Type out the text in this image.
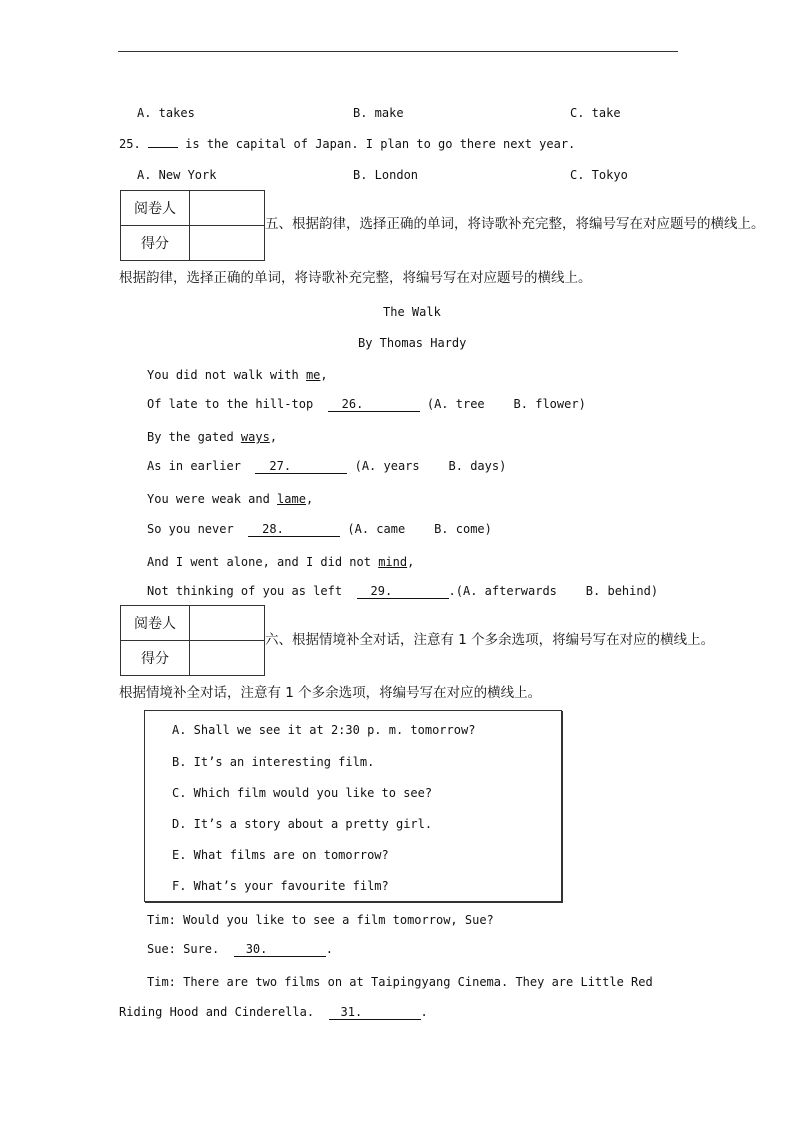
A. takes	B. make	C. take
25.	is the capital of Japan. I plan to go there next year.
A. New York	B. London	C. Tokyo
阅卷人	
得分	
五、根据韵律，选择正确的单词，将诗歌补充完整，将编号写在对应题号的横线上。
根据韵律，选择正确的单词，将诗歌补充完整，将编号写在对应题号的横线上。
The Walk
By Thomas Hardy
You did not walk with me,
Of late to the hill-top 26.	(A. tree    B. flower)
By the gated ways,
As in earlier 27.	(A. years    B. days)
You were weak and lame,
So you never 28.	(A. came    B. come)
And I went alone, and I did not mind,
Not thinking of you as left 29.	.(A. afterwards    B. behind)
阅卷人	
得分	
六、根据情境补全对话，注意有 1 个多余选项，将编号写在对应的横线上。
根据情境补全对话，注意有 1 个多余选项，将编号写在对应的横线上。
A. Shall we see it at 2:30 p. m. tomorrow?
B. It’s an interesting film.
C. Which film would you like to see?
D. It’s a story about a pretty girl.
E. What films are on tomorrow?
F. What’s your favourite film?
Tim: Would you like to see a film tomorrow, Sue?
Sue: Sure. 30.	.
Tim: There are two films on at Taipingyang Cinema. They are Little Red
Riding Hood and Cinderella. 31.	.
